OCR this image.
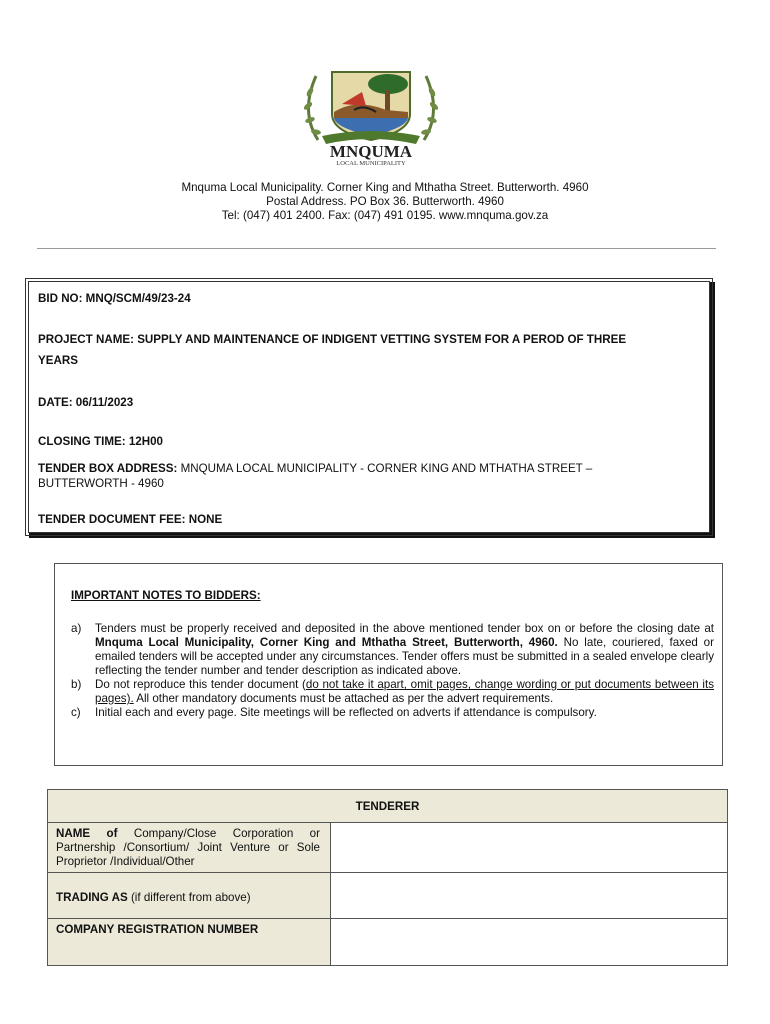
MNQUMA
LOCAL MUNICIPALITY
Mnquma Local Municipality. Corner King and Mthatha Street. Butterworth. 4960
Postal Address. PO Box 36. Butterworth. 4960
Tel: (047) 401 2400. Fax: (047) 491 0195. www.mnquma.gov.za
BID NO: MNQ/SCM/49/23-24
PROJECT NAME: SUPPLY AND MAINTENANCE OF INDIGENT VETTING SYSTEM FOR A PEROD OF THREE
YEARS
DATE: 06/11/2023
CLOSING TIME: 12H00
TENDER BOX ADDRESS: MNQUMA LOCAL MUNICIPALITY - CORNER KING AND MTHATHA STREET –
BUTTERWORTH - 4960
TENDER DOCUMENT FEE: NONE
IMPORTANT NOTES TO BIDDERS:
a) Tenders must be properly received and deposited in the above mentioned tender box on or before the closing date at Mnquma Local Municipality, Corner King and Mthatha Street, Butterworth, 4960. No late, couriered, faxed or emailed tenders will be accepted under any circumstances. Tender offers must be submitted in a sealed envelope clearly reflecting the tender number and tender description as indicated above.
b) Do not reproduce this tender document (do not take it apart, omit pages, change wording or put documents between its pages). All other mandatory documents must be attached as per the advert requirements.
c) Initial each and every page. Site meetings will be reflected on adverts if attendance is compulsory.
TENDERER	
NAME of Company/Close Corporation or Partnership /Consortium/ Joint Venture or Sole Proprietor /Individual/Other	
TRADING AS (if different from above)	
COMPANY REGISTRATION NUMBER	
